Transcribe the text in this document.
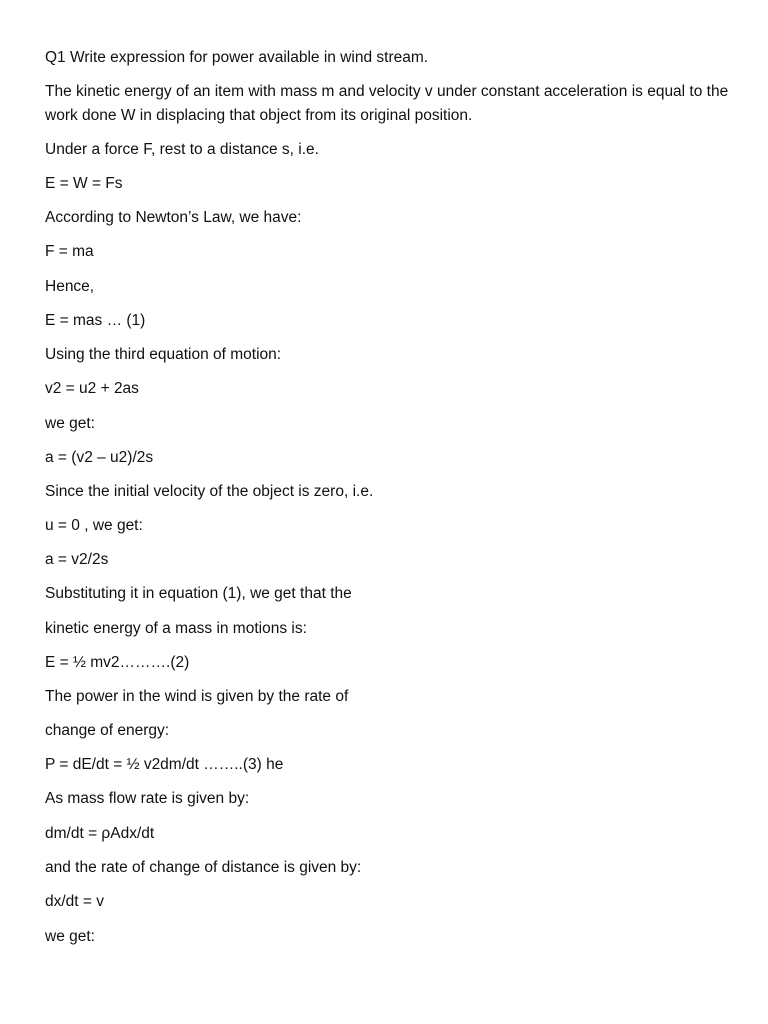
Q1 Write expression for power available in wind stream.

The kinetic energy of an item with mass m and velocity v under constant acceleration is equal to the work done W in displacing that object from its original position.

Under a force F, rest to a distance s, i.e.

E = W = Fs

According to Newton’s Law, we have:

F = ma

Hence,

E = mas … (1)

Using the third equation of motion:

v2 = u2 + 2as

we get:

a = (v2 – u2)/2s

Since the initial velocity of the object is zero, i.e.

u = 0 , we get:

a = v2/2s

Substituting it in equation (1), we get that the

kinetic energy of a mass in motions is:

E = ½ mv2……….(2)

The power in the wind is given by the rate of

change of energy:

P = dE/dt = ½ v2dm/dt ……..(3) he

As mass flow rate is given by:

dm/dt = ρAdx/dt

and the rate of change of distance is given by:

dx/dt = v

we get:
